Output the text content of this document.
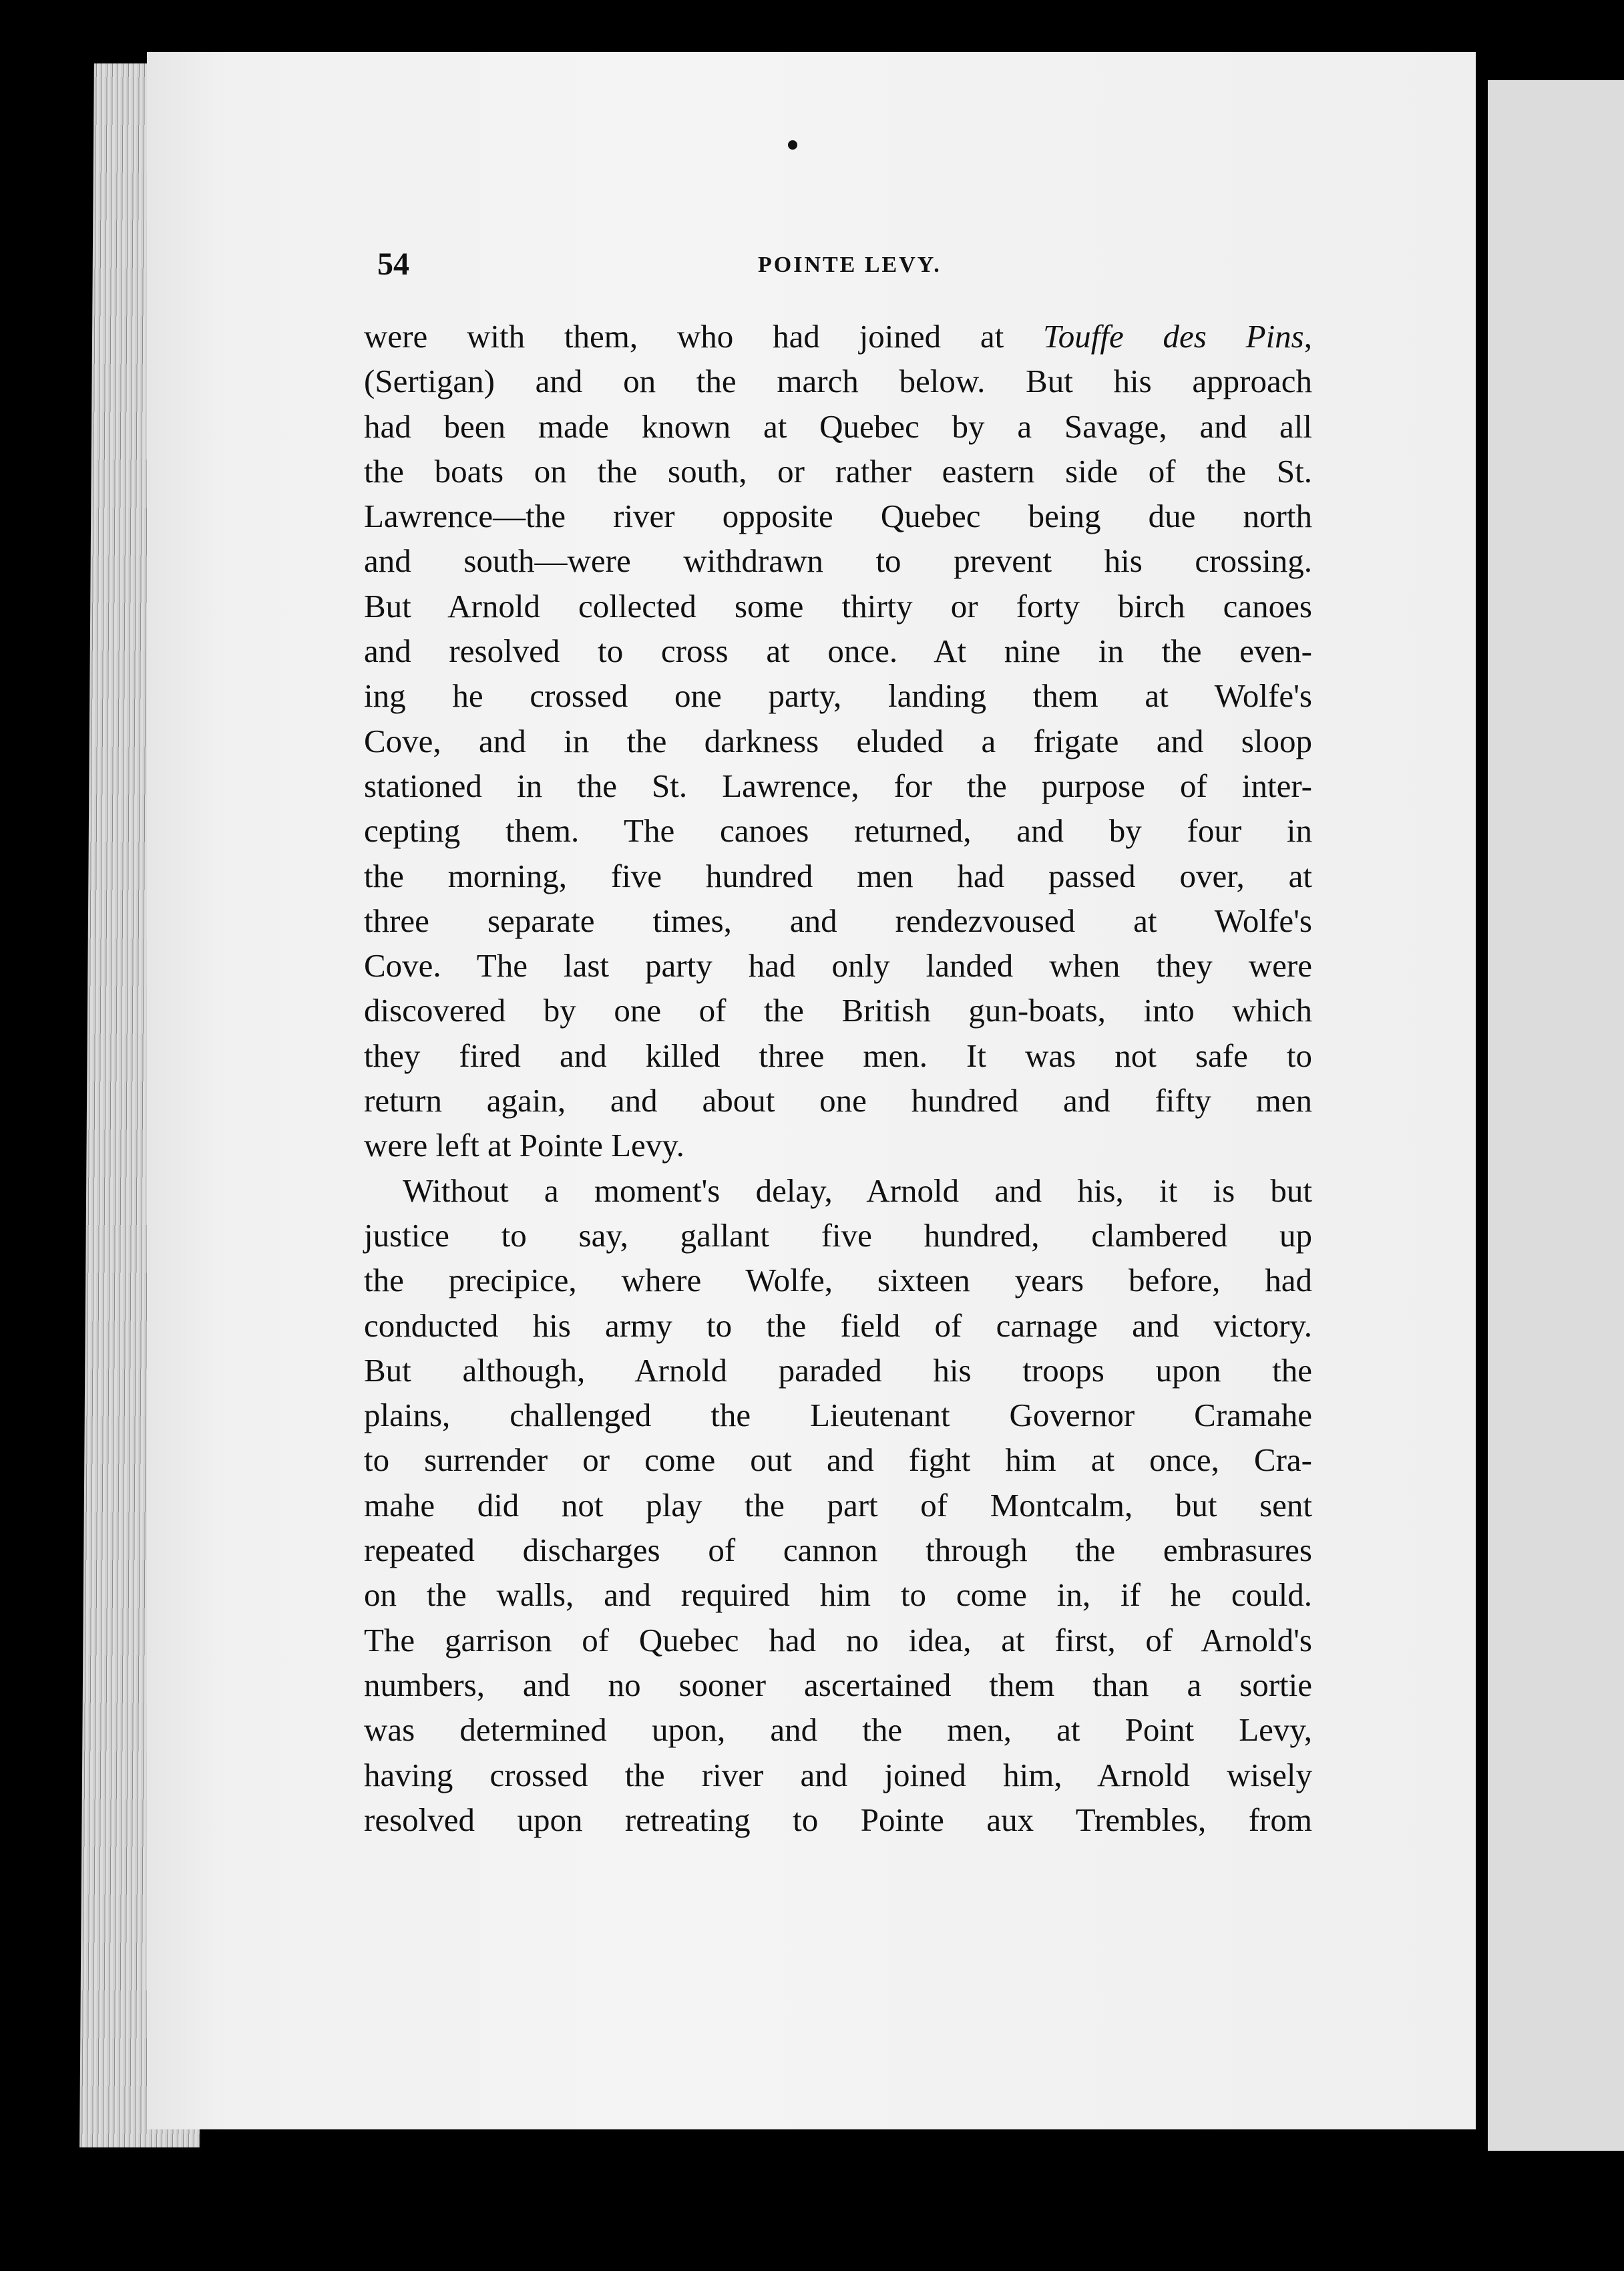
54	POINTE LEVY.
were with them, who had joined at Touffe des Pins,
(Sertigan) and on the march below. But his approach
had been made known at Quebec by a Savage, and all
the boats on the south, or rather eastern side of the St.
Lawrence—the river opposite Quebec being due north
and south—were withdrawn to prevent his crossing.
But Arnold collected some thirty or forty birch canoes
and resolved to cross at once. At nine in the even-
ing he crossed one party, landing them at Wolfe's
Cove, and in the darkness eluded a frigate and sloop
stationed in the St. Lawrence, for the purpose of inter-
cepting them. The canoes returned, and by four in
the morning, five hundred men had passed over, at
three separate times, and rendezvoused at Wolfe's
Cove. The last party had only landed when they were
discovered by one of the British gun-boats, into which
they fired and killed three men. It was not safe to
return again, and about one hundred and fifty men
were left at Pointe Levy.
Without a moment's delay, Arnold and his, it is but
justice to say, gallant five hundred, clambered up
the precipice, where Wolfe, sixteen years before, had
conducted his army to the field of carnage and victory.
But although, Arnold paraded his troops upon the
plains, challenged the Lieutenant Governor Cramahe
to surrender or come out and fight him at once, Cra-
mahe did not play the part of Montcalm, but sent
repeated discharges of cannon through the embrasures
on the walls, and required him to come in, if he could.
The garrison of Quebec had no idea, at first, of Arnold's
numbers, and no sooner ascertained them than a sortie
was determined upon, and the men, at Point Levy,
having crossed the river and joined him, Arnold wisely
resolved upon retreating to Pointe aux Trembles, from
